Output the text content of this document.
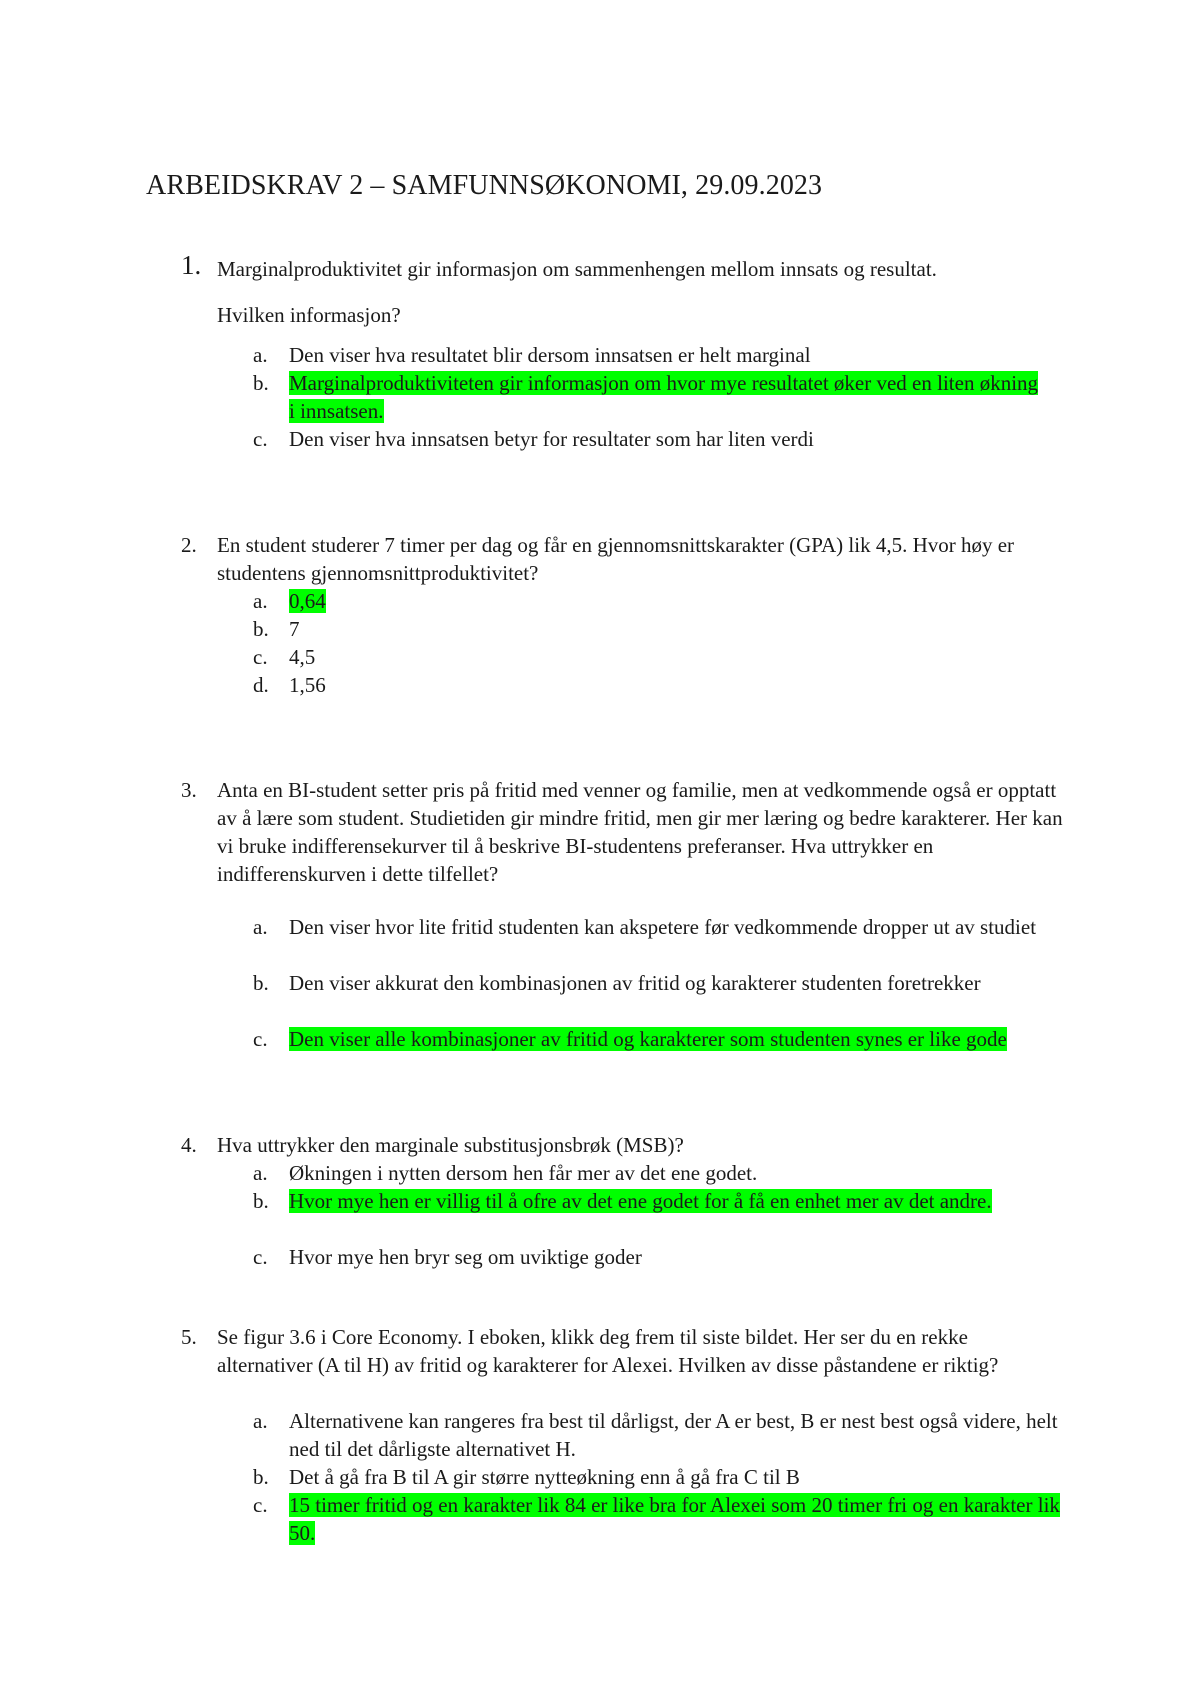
ARBEIDSKRAV 2 – SAMFUNNSØKONOMI, 29.09.2023
1. Marginalproduktivitet gir informasjon om sammenhengen mellom innsats og resultat.
Hvilken informasjon?
a. Den viser hva resultatet blir dersom innsatsen er helt marginal
b. Marginalproduktiviteten gir informasjon om hvor mye resultatet øker ved en liten økning i innsatsen.
c. Den viser hva innsatsen betyr for resultater som har liten verdi
2. En student studerer 7 timer per dag og får en gjennomsnittskarakter (GPA) lik 4,5. Hvor høy er studentens gjennomsnittproduktivitet?
a. 0,64
b. 7
c. 4,5
d. 1,56
3. Anta en BI-student setter pris på fritid med venner og familie, men at vedkommende også er opptatt av å lære som student. Studietiden gir mindre fritid, men gir mer læring og bedre karakterer. Her kan vi bruke indifferensekurver til å beskrive BI-studentens preferanser. Hva uttrykker en indifferenskurven i dette tilfellet?
a. Den viser hvor lite fritid studenten kan akspetere før vedkommende dropper ut av studiet
b. Den viser akkurat den kombinasjonen av fritid og karakterer studenten foretrekker
c. Den viser alle kombinasjoner av fritid og karakterer som studenten synes er like gode
4. Hva uttrykker den marginale substitusjonsbrøk (MSB)?
a. Økningen i nytten dersom hen får mer av det ene godet.
b. Hvor mye hen er villig til å ofre av det ene godet for å få en enhet mer av det andre.
c. Hvor mye hen bryr seg om uviktige goder
5. Se figur 3.6 i Core Economy. I eboken, klikk deg frem til siste bildet. Her ser du en rekke alternativer (A til H) av fritid og karakterer for Alexei. Hvilken av disse påstandene er riktig?
a. Alternativene kan rangeres fra best til dårligst, der A er best, B er nest best også videre, helt ned til det dårligste alternativet H.
b. Det å gå fra B til A gir større nytteøkning enn å gå fra C til B
c. 15 timer fritid og en karakter lik 84 er like bra for Alexei som 20 timer fri og en karakter lik 50.
